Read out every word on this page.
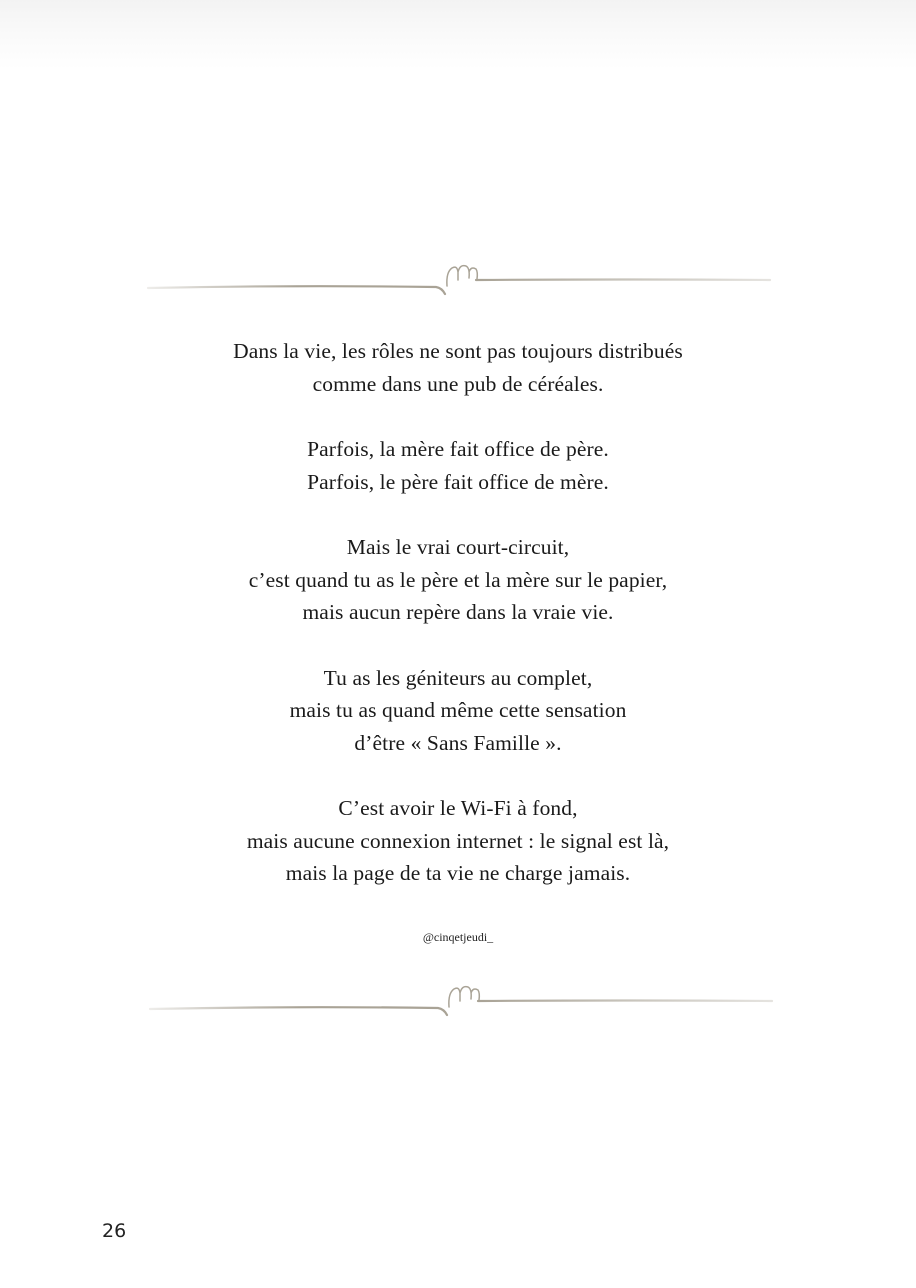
Dans la vie, les rôles ne sont pas toujours distribués
comme dans une pub de céréales.
Parfois, la mère fait office de père.
Parfois, le père fait office de mère.
Mais le vrai court-circuit,
c’est quand tu as le père et la mère sur le papier,
mais aucun repère dans la vraie vie.
Tu as les géniteurs au complet,
mais tu as quand même cette sensation
d’être « Sans Famille ».
C’est avoir le Wi-Fi à fond,
mais aucune connexion internet : le signal est là,
mais la page de ta vie ne charge jamais.
@cinqetjeudi_
26
